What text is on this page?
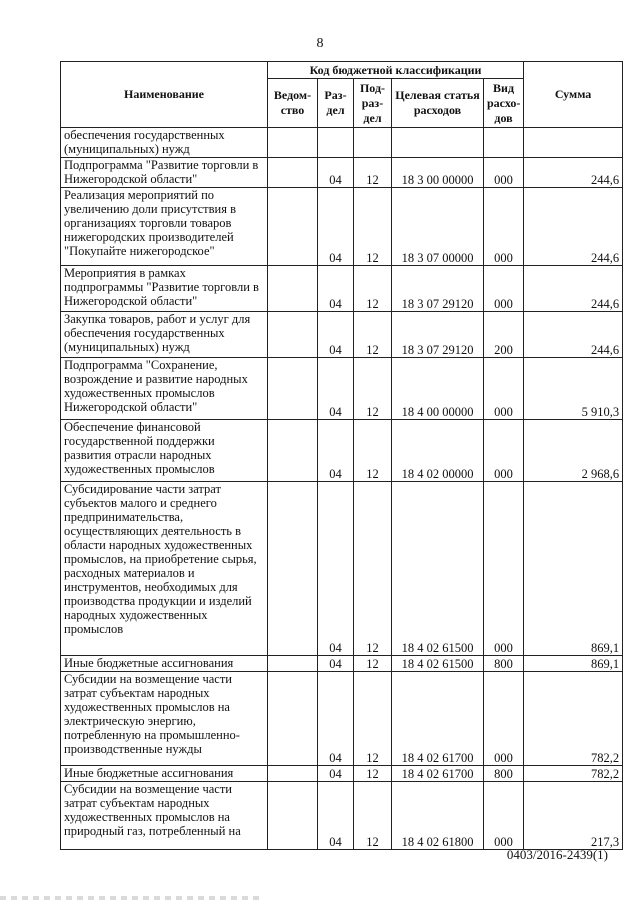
8
Наименование	Код бюджетной классификации					Сумма
	Ведом-ство	Раз-дел	Под-раз-дел	Целевая статья расходов	Вид расхо-дов	
обеспечения государственных (муниципальных) нужд						
Подпрограмма "Развитие торговли в Нижегородской области"		04	12	18 3 00 00000	000	244,6
Реализация мероприятий по увеличению доли присутствия в организациях торговли товаров нижегородских производителей "Покупайте нижегородское"		04	12	18 3 07 00000	000	244,6
Мероприятия в рамках подпрограммы "Развитие торговли в Нижегородской области"		04	12	18 3 07 29120	000	244,6
Закупка товаров, работ и услуг для обеспечения государственных (муниципальных) нужд		04	12	18 3 07 29120	200	244,6
Подпрограмма "Сохранение, возрождение и развитие народных художественных промыслов Нижегородской области"		04	12	18 4 00 00000	000	5 910,3
Обеспечение финансовой государственной поддержки развития отрасли народных художественных промыслов		04	12	18 4 02 00000	000	2 968,6
Субсидирование части затрат субъектов малого и среднего предпринимательства, осуществляющих деятельность в области народных художественных промыслов, на приобретение сырья, расходных материалов и инструментов, необходимых для производства продукции и изделий народных художественных промыслов		04	12	18 4 02 61500	000	869,1
Иные бюджетные ассигнования		04	12	18 4 02 61500	800	869,1
Субсидии на возмещение части затрат субъектам народных художественных промыслов на электрическую энергию, потребленную на промышленно-производственные нужды		04	12	18 4 02 61700	000	782,2
Иные бюджетные ассигнования		04	12	18 4 02 61700	800	782,2
Субсидии на возмещение части затрат субъектам народных художественных промыслов на природный газ, потребленный на		04	12	18 4 02 61800	000	217,3
0403/2016-2439(1)
